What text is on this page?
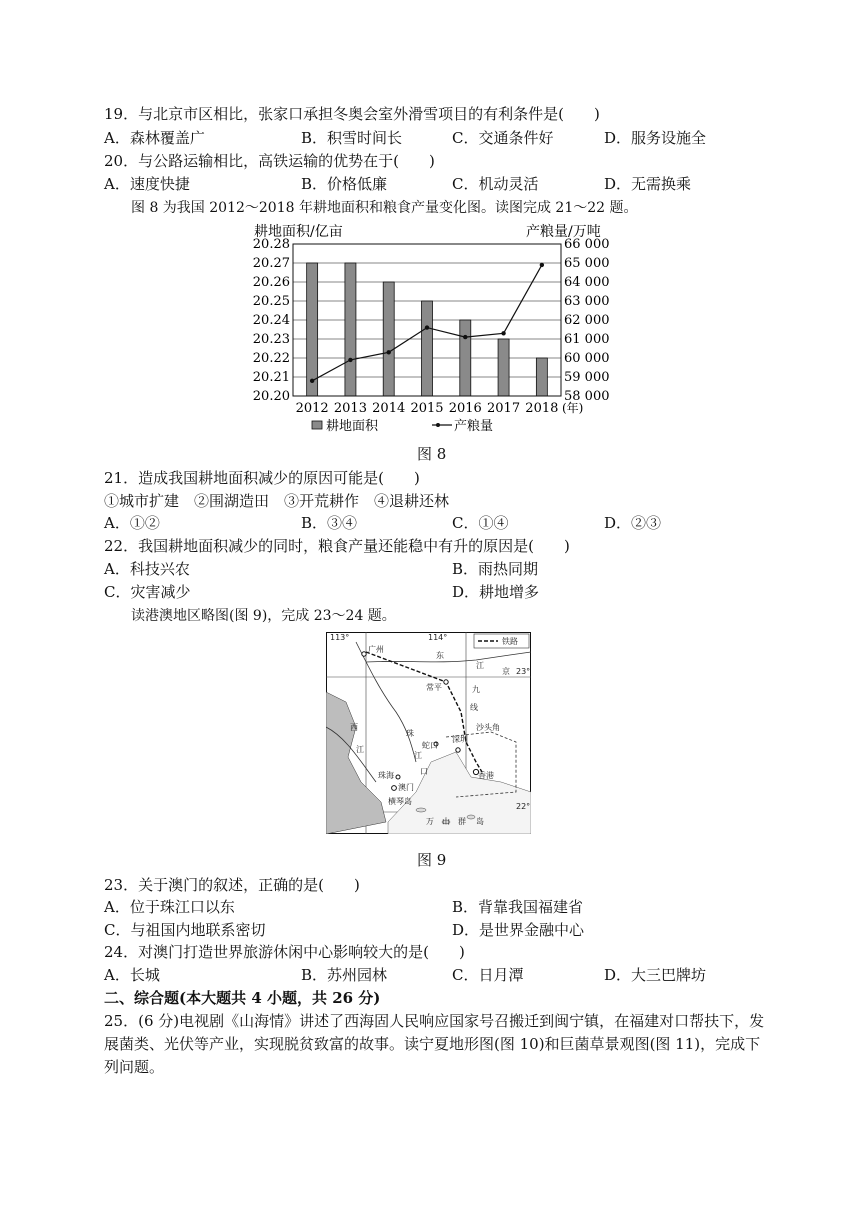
19．与北京市区相比，张家口承担冬奥会室外滑雪项目的有利条件是(　　)
A．森林覆盖广	B．积雪时间长	C．交通条件好	D．服务设施全
20．与公路运输相比，高铁运输的优势在于(　　)
A．速度快捷	B．价格低廉	C．机动灵活	D．无需换乘
图 8 为我国 2012～2018 年耕地面积和粮食产量变化图。读图完成 21～22 题。
耕地面积/亿亩	产粮量/万吨
20.28
20.27
20.26
20.25
20.24
20.23
20.22
20.21
20.20
66 000
65 000
64 000
63 000
62 000
61 000
60 000
59 000
58 000
2012 2013 2014 2015 2016 2017 2018 (年)
耕地面积	产粮量
图 8
21．造成我国耕地面积减少的原因可能是(　　)
①城市扩建　②围湖造田　③开荒耕作　④退耕还林
A．①②	B．③④	C．①④	D．②③
22．我国耕地面积减少的同时，粮食产量还能稳中有升的原因是(　　)
A．科技兴农	B．雨热同期
C．灾害减少	D．耕地增多
读港澳地区略图(图 9)，完成 23～24 题。
铁路
113°	114°
23°
22°
广州
东
江
京
常平	九
线
西
江
珠
江
口
蛇口
深圳
沙头角
珠海
澳门
香港
横琴岛
万 山 群 岛
图 9
23．关于澳门的叙述，正确的是(　　)
A．位于珠江口以东	B．背靠我国福建省
C．与祖国内地联系密切	D．是世界金融中心
24．对澳门打造世界旅游休闲中心影响较大的是(　　)
A．长城	B．苏州园林	C．日月潭	D．大三巴牌坊
二、综合题(本大题共 4 小题，共 26 分)
25．(6 分)电视剧《山海情》讲述了西海固人民响应国家号召搬迁到闽宁镇，在福建对口帮扶下，发
展菌类、光伏等产业，实现脱贫致富的故事。读宁夏地形图(图 10)和巨菌草景观图(图 11)，完成下
列问题。
